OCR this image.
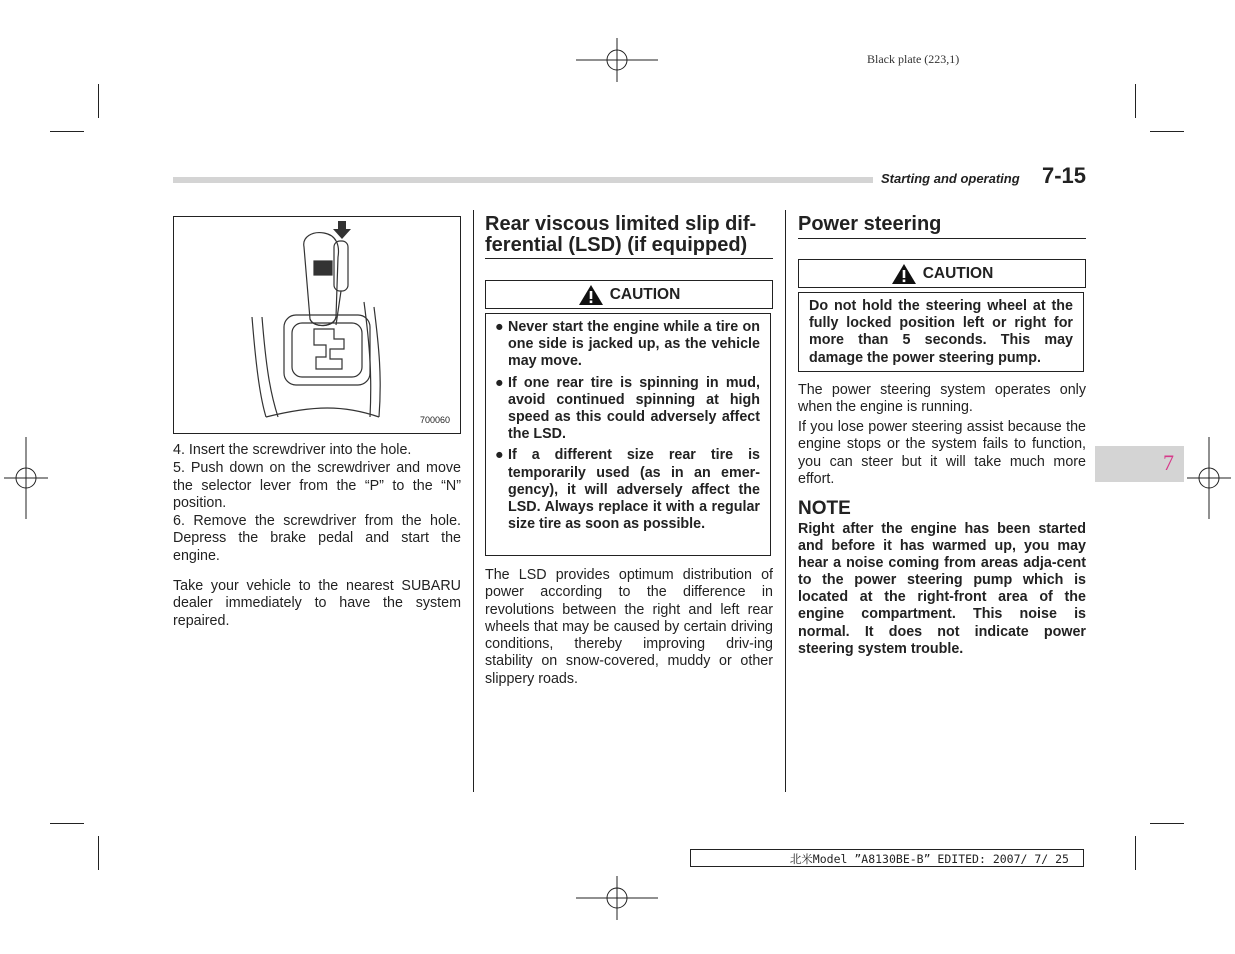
Black plate (223,1)
Starting and operating 7-15
700060
4. Insert the screwdriver into the hole.
5. Push down on the screwdriver and move the selector lever from the “P” to the “N” position.
6. Remove the screwdriver from the hole. Depress the brake pedal and start the engine.
Take your vehicle to the nearest SUBARU dealer immediately to have the system repaired.
Rear viscous limited slip dif-
ferential (LSD) (if equipped)
CAUTION
● Never start the engine while a tire on one side is jacked up, as the vehicle may move.
● If one rear tire is spinning in mud, avoid continued spinning at high speed as this could adversely affect the LSD.
● If a different size rear tire is temporarily used (as in an emer-gency), it will adversely affect the LSD. Always replace it with a regular size tire as soon as possible.
The LSD provides optimum distribution of power according to the difference in revolutions between the right and left rear wheels that may be caused by certain driving conditions, thereby improving driv-ing stability on snow-covered, muddy or other slippery roads.
Power steering
CAUTION
Do not hold the steering wheel at the fully locked position left or right for more than 5 seconds. This may damage the power steering pump.
The power steering system operates only when the engine is running.
If you lose power steering assist because the engine stops or the system fails to function, you can steer but it will take much more effort.
NOTE
Right after the engine has been started and before it has warmed up, you may hear a noise coming from areas adja-cent to the power steering pump which is located at the right-front area of the engine compartment. This noise is normal. It does not indicate power steering system trouble.
7
北米Model ”A8130BE-B” EDITED: 2007/ 7/ 25
